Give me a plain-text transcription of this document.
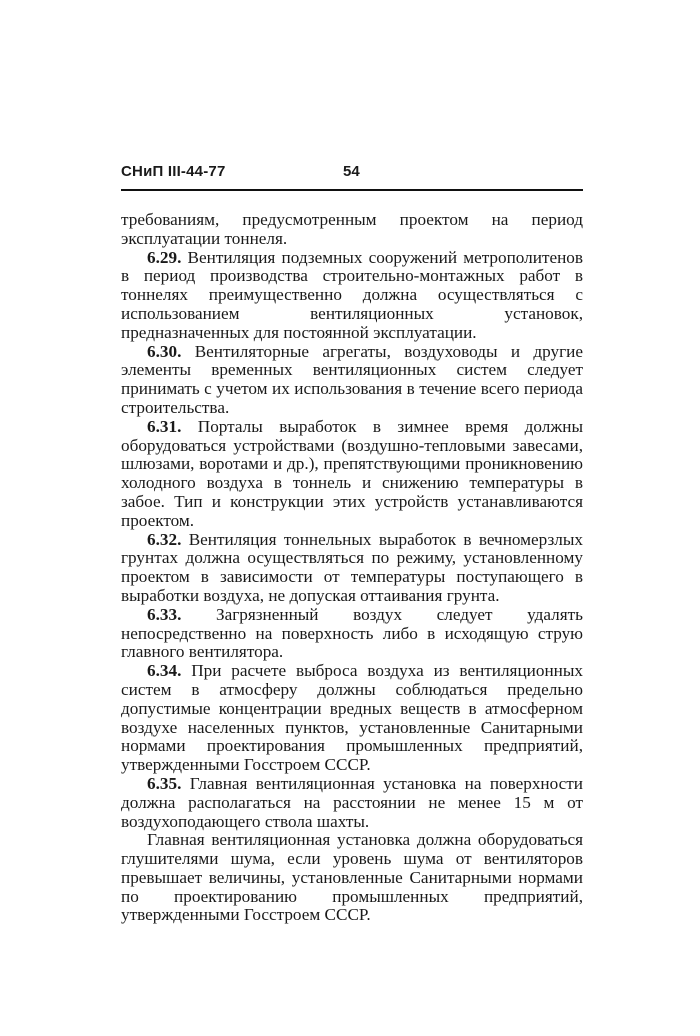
СНиП III-44-77	54

требованиям, предусмотренным проектом на период эксплуатации тоннеля.

6.29. Вентиляция подземных сооружений метрополитенов в период производства строительно-монтажных работ в тоннелях преимущественно должна осуществляться с использованием вентиляционных установок, предназначенных для постоянной эксплуатации.

6.30. Вентиляторные агрегаты, воздуховоды и другие элементы временных вентиляционных систем следует принимать с учетом их использования в течение всего периода строительства.

6.31. Порталы выработок в зимнее время должны оборудоваться устройствами (воздушно-тепловыми завесами, шлюзами, воротами и др.), препятствующими проникновению холодного воздуха в тоннель и снижению температуры в забое. Тип и конструкции этих устройств устанавливаются проектом.

6.32. Вентиляция тоннельных выработок в вечномерзлых грунтах должна осуществляться по режиму, установленному проектом в зависимости от температуры поступающего в выработки воздуха, не допуская оттаивания грунта.

6.33. Загрязненный воздух следует удалять непосредственно на поверхность либо в исходящую струю главного вентилятора.

6.34. При расчете выброса воздуха из вентиляционных систем в атмосферу должны соблюдаться предельно допустимые концентрации вредных веществ в атмосферном воздухе населенных пунктов, установленные Санитарными нормами проектирования промышленных предприятий, утвержденными Госстроем СССР.

6.35. Главная вентиляционная установка на поверхности должна располагаться на расстоянии не менее 15 м от воздухоподающего ствола шахты.

Главная вентиляционная установка должна оборудоваться глушителями шума, если уровень шума от вентиляторов превышает величины, установленные Санитарными нормами по проектированию промышленных предприятий, утвержденными Госстроем СССР.
